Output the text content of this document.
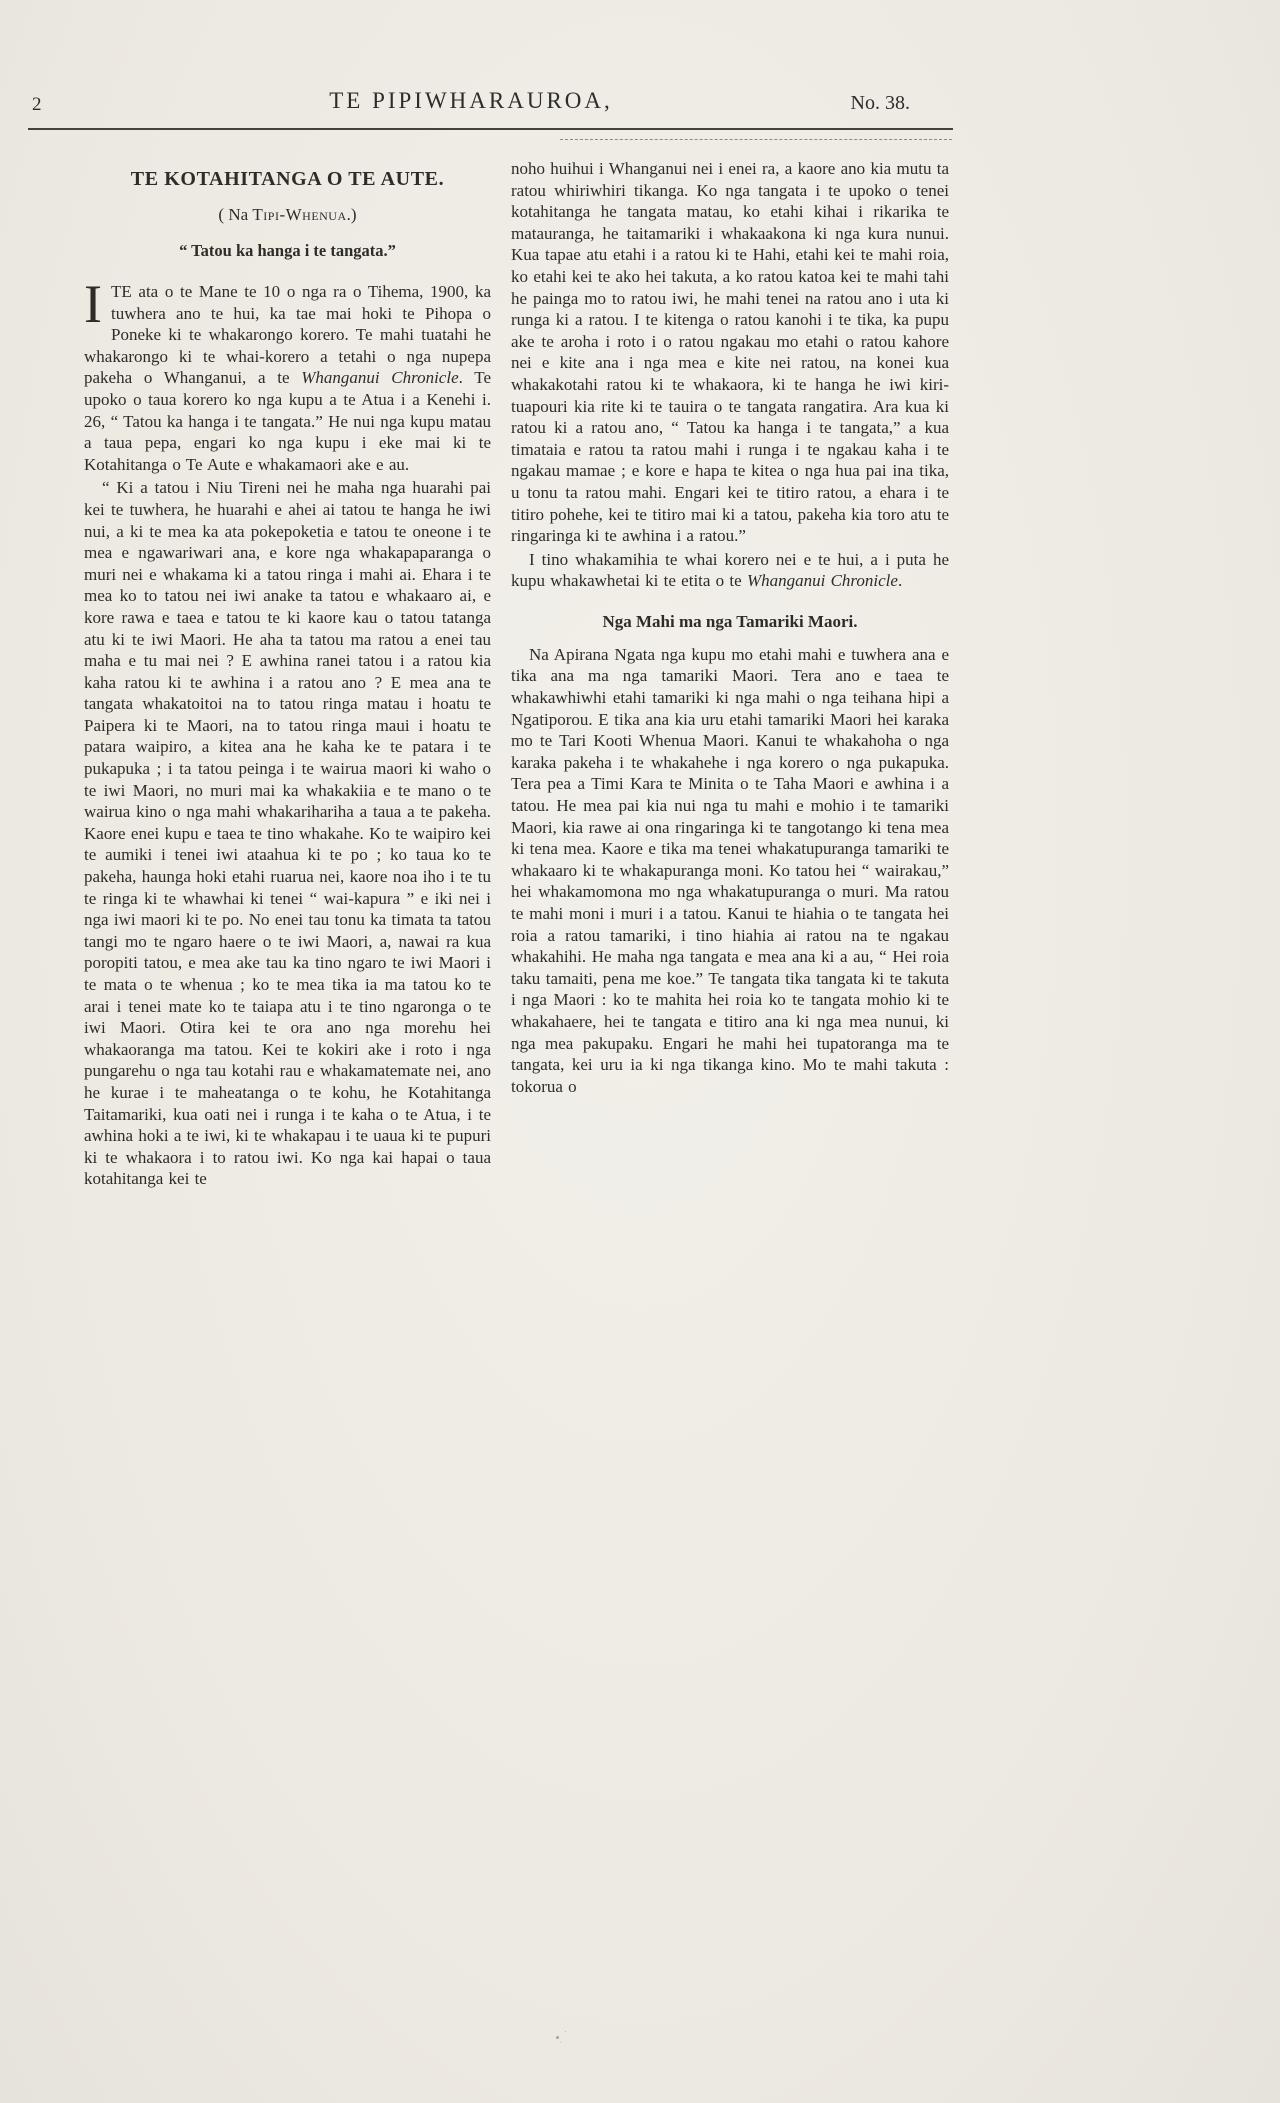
2	TE PIPIWHARAUROA,	No. 38.
TE KOTAHITANGA O TE AUTE.
( Na Tipi-Whenua.)
“ Tatou ka hanga i te tangata.”

ITE ata o te Mane te 10 o nga ra o Tihema, 1900, ka tuwhera ano te hui, ka tae mai hoki te Pihopa o Poneke ki te whakarongo korero. Te mahi tuatahi he whakarongo ki te whai-korero a tetahi o nga nupepa pakeha o Whanganui, a te Whanganui Chronicle. Te upoko o taua korero ko nga kupu a te Atua i a Kenehi i. 26, “ Tatou ka hanga i te tangata.” He nui nga kupu matau a taua pepa, engari ko nga kupu i eke mai ki te Kotahitanga o Te Aute e whakamaori ake e au.

“ Ki a tatou i Niu Tireni nei he maha nga huarahi pai kei te tuwhera, he huarahi e ahei ai tatou te hanga he iwi nui, a ki te mea ka ata pokepoketia e tatou te oneone i te mea e ngawariwari ana, e kore nga whakapaparanga o muri nei e whakama ki a tatou ringa i mahi ai. Ehara i te mea ko to tatou nei iwi anake ta tatou e whakaaro ai, e kore rawa e taea e tatou te ki kaore kau o tatou tatanga atu ki te iwi Maori. He aha ta tatou ma ratou a enei tau maha e tu mai nei ? E awhina ranei tatou i a ratou kia kaha ratou ki te awhina i a ratou ano ? E mea ana te tangata whakatoitoi na to tatou ringa matau i hoatu te Paipera ki te Maori, na to tatou ringa maui i hoatu te patara waipiro, a kitea ana he kaha ke te patara i te pukapuka ; i ta tatou peinga i te wairua maori ki waho o te iwi Maori, no muri mai ka whakakiia e te mano o te wairua kino o nga mahi whakarihariha a taua a te pakeha. Kaore enei kupu e taea te tino whakahe. Ko te waipiro kei te aumiki i tenei iwi ataahua ki te po ; ko taua ko te pakeha, haunga hoki etahi ruarua nei, kaore noa iho i te tu te ringa ki te whawhai ki tenei “ wai-kapura ” e iki nei i nga iwi maori ki te po. No enei tau tonu ka timata ta tatou tangi mo te ngaro haere o te iwi Maori, a, nawai ra kua poropiti tatou, e mea ake tau ka tino ngaro te iwi Maori i te mata o te whenua ; ko te mea tika ia ma tatou ko te arai i tenei mate ko te taiapa atu i te tino ngaronga o te iwi Maori. Otira kei te ora ano nga morehu hei whakaoranga ma tatou. Kei te kokiri ake i roto i nga pungarehu o nga tau kotahi rau e whakamatemate nei, ano he kurae i te maheatanga o te kohu, he Kotahitanga Taitamariki, kua oati nei i runga i te kaha o te Atua, i te awhina hoki a te iwi, ki te whakapau i te uaua ki te pupuri ki te whakaora i to ratou iwi. Ko nga kai hapai o taua kotahitanga kei te

noho huihui i Whanganui nei i enei ra, a kaore ano kia mutu ta ratou whiriwhiri tikanga. Ko nga tangata i te upoko o tenei kotahitanga he tangata matau, ko etahi kihai i rikarika te matauranga, he taitamariki i whakaakona ki nga kura nunui. Kua tapae atu etahi i a ratou ki te Hahi, etahi kei te mahi roia, ko etahi kei te ako hei takuta, a ko ratou katoa kei te mahi tahi he painga mo to ratou iwi, he mahi tenei na ratou ano i uta ki runga ki a ratou. I te kitenga o ratou kanohi i te tika, ka pupu ake te aroha i roto i o ratou ngakau mo etahi o ratou kahore nei e kite ana i nga mea e kite nei ratou, na konei kua whakakotahi ratou ki te whakaora, ki te hanga he iwi kiri-tuapouri kia rite ki te tauira o te tangata rangatira. Ara kua ki ratou ki a ratou ano, “ Tatou ka hanga i te tangata,” a kua timataia e ratou ta ratou mahi i runga i te ngakau kaha i te ngakau mamae ; e kore e hapa te kitea o nga hua pai ina tika, u tonu ta ratou mahi. Engari kei te titiro ratou, a ehara i te titiro pohehe, kei te titiro mai ki a tatou, pakeha kia toro atu te ringaringa ki te awhina i a ratou.”

I tino whakamihia te whai korero nei e te hui, a i puta he kupu whakawhetai ki te etita o te Whanganui Chronicle.

Nga Mahi ma nga Tamariki Maori.

Na Apirana Ngata nga kupu mo etahi mahi e tuwhera ana e tika ana ma nga tamariki Maori. Tera ano e taea te whakawhiwhi etahi tamariki ki nga mahi o nga teihana hipi a Ngatiporou. E tika ana kia uru etahi tamariki Maori hei karaka mo te Tari Kooti Whenua Maori. Kanui te whakahoha o nga karaka pakeha i te whakahehe i nga korero o nga pukapuka. Tera pea a Timi Kara te Minita o te Taha Maori e awhina i a tatou. He mea pai kia nui nga tu mahi e mohio i te tamariki Maori, kia rawe ai ona ringaringa ki te tangotango ki tena mea ki tena mea. Kaore e tika ma tenei whakatupuranga tamariki te whakaaro ki te whakapuranga moni. Ko tatou hei “ wairakau,” hei whakamomona mo nga whakatupuranga o muri. Ma ratou te mahi moni i muri i a tatou. Kanui te hiahia o te tangata hei roia a ratou tamariki, i tino hiahia ai ratou na te ngakau whakahihi. He maha nga tangata e mea ana ki a au, “ Hei roia taku tamaiti, pena me koe.” Te tangata tika tangata ki te takuta i nga Maori : ko te mahita hei roia ko te tangata mohio ki te whakahaere, hei te tangata e titiro ana ki nga mea nunui, ki nga mea pakupaku. Engari he mahi hei tupatoranga ma te tangata, kei uru ia ki nga tikanga kino. Mo te mahi takuta : tokorua o
